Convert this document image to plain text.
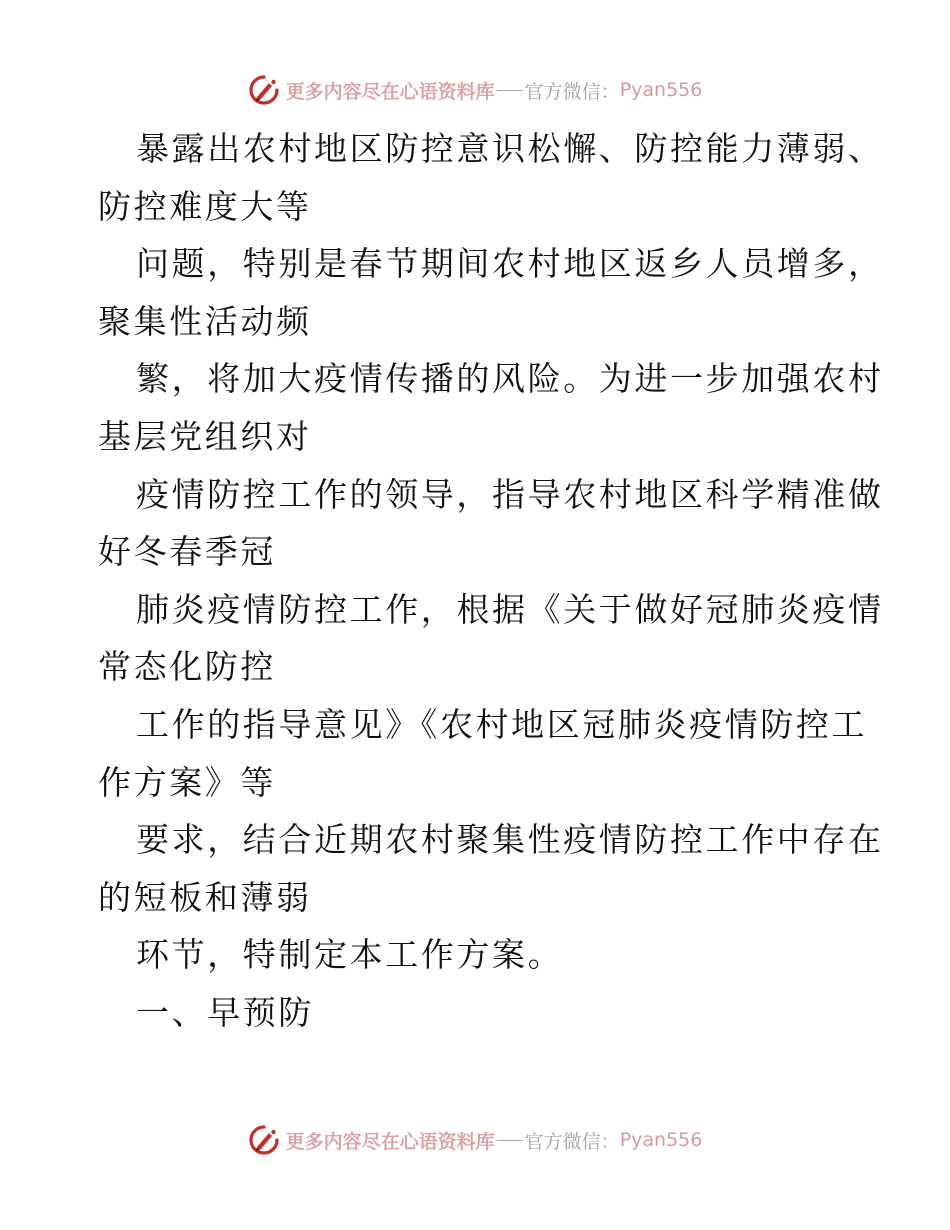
更多内容尽在心语资料库 官方微信： Pyan556
暴露出农村地区防控意识松懈、防控能力薄弱、
防控难度大等
问题，特别是春节期间农村地区返乡人员增多，
聚集性活动频
繁，将加大疫情传播的风险。为进一步加强农村
基层党组织对
疫情防控工作的领导，指导农村地区科学精准做
好冬春季冠
肺炎疫情防控工作，根据《关于做好冠肺炎疫情
常态化防控
工作的指导意见》《农村地区冠肺炎疫情防控工
作方案》等
要求，结合近期农村聚集性疫情防控工作中存在
的短板和薄弱
环节，特制定本工作方案。
一、早预防
更多内容尽在心语资料库 官方微信： Pyan556
